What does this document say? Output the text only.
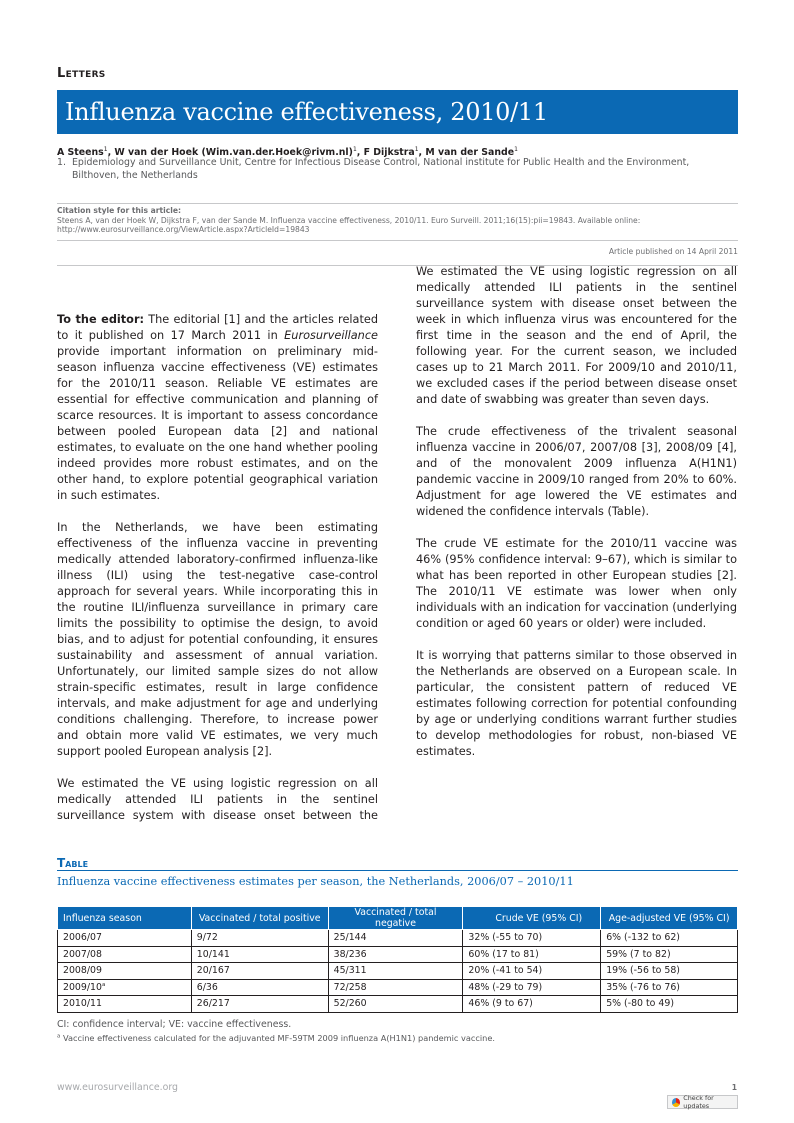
Letters
Influenza vaccine effectiveness, 2010/11
A Steens$^1$, W van der Hoek (Wim.van.der.Hoek@rivm.nl)$^1$, F Dijkstra$^1$, M van der Sande$^1$
1. Epidemiology and Surveillance Unit, Centre for Infectious Disease Control, National institute for Public Health and the Environment, Bilthoven, the Netherlands
Citation style for this article:
Steens A, van der Hoek W, Dijkstra F, van der Sande M. Influenza vaccine effectiveness, 2010/11. Euro Surveill. 2011;16(15):pii=19843. Available online: http://www.eurosurveillance.org/ViewArticle.aspx?ArticleId=19843
Article published on 14 April 2011

To the editor: The editorial [1] and the articles related to it published on 17 March 2011 in Eurosurveillance provide important information on preliminary mid-season influenza vaccine effectiveness (VE) estimates for the 2010/11 season. Reliable VE estimates are essential for effective communication and planning of scarce resources. It is important to assess concordance between pooled European data [2] and national estimates, to evaluate on the one hand whether pooling indeed provides more robust estimates, and on the other hand, to explore potential geographical variation in such estimates.

In the Netherlands, we have been estimating effectiveness of the influenza vaccine in preventing medically attended laboratory-confirmed influenza-like illness (ILI) using the test-negative case-control approach for several years. While incorporating this in the routine ILI/influenza surveillance in primary care limits the possibility to optimise the design, to avoid bias, and to adjust for potential confounding, it ensures sustainability and assessment of annual variation. Unfortunately, our limited sample sizes do not allow strain-specific estimates, result in large confidence intervals, and make adjustment for age and underlying conditions challenging. Therefore, to increase power and obtain more valid VE estimates, we very much support pooled European analysis [2].

We estimated the VE using logistic regression on all medically attended ILI patients in the sentinel surveillance system with disease onset between the

We estimated the VE using logistic regression on all medically attended ILI patients in the sentinel surveillance system with disease onset between the week in which influenza virus was encountered for the first time in the season and the end of April, the following year. For the current season, we included cases up to 21 March 2011. For 2009/10 and 2010/11, we excluded cases if the period between disease onset and date of swabbing was greater than seven days.

The crude effectiveness of the trivalent seasonal influenza vaccine in 2006/07, 2007/08 [3], 2008/09 [4], and of the monovalent 2009 influenza A(H1N1) pandemic vaccine in 2009/10 ranged from 20% to 60%. Adjustment for age lowered the VE estimates and widened the confidence intervals (Table).

The crude VE estimate for the 2010/11 vaccine was 46% (95% confidence interval: 9–67), which is similar to what has been reported in other European studies [2]. The 2010/11 VE estimate was lower when only individuals with an indication for vaccination (underlying condition or aged 60 years or older) were included.

It is worrying that patterns similar to those observed in the Netherlands are observed on a European scale. In particular, the consistent pattern of reduced VE estimates following correction for potential confounding by age or underlying conditions warrant further studies to develop methodologies for robust, non-biased VE estimates.

Table
Influenza vaccine effectiveness estimates per season, the Netherlands, 2006/07 – 2010/11
Influenza season	Vaccinated / total positive	Vaccinated / total negative	Crude VE (95% CI)	Age-adjusted VE (95% CI)
2006/07	9/72	25/144	32% (-55 to 70)	6% (-132 to 62)
2007/08	10/141	38/236	60% (17 to 81)	59% (7 to 82)
2008/09	20/167	45/311	20% (-41 to 54)	19% (-56 to 58)
2009/10$^a$	6/36	72/258	48% (-29 to 79)	35% (-76 to 76)
2010/11	26/217	52/260	46% (9 to 67)	5% (-80 to 49)
CI: confidence interval; VE: vaccine effectiveness.
$^a$ Vaccine effectiveness calculated for the adjuvanted MF-59TM 2009 influenza A(H1N1) pandemic vaccine.
www.eurosurveillance.org	1
Check for updates
